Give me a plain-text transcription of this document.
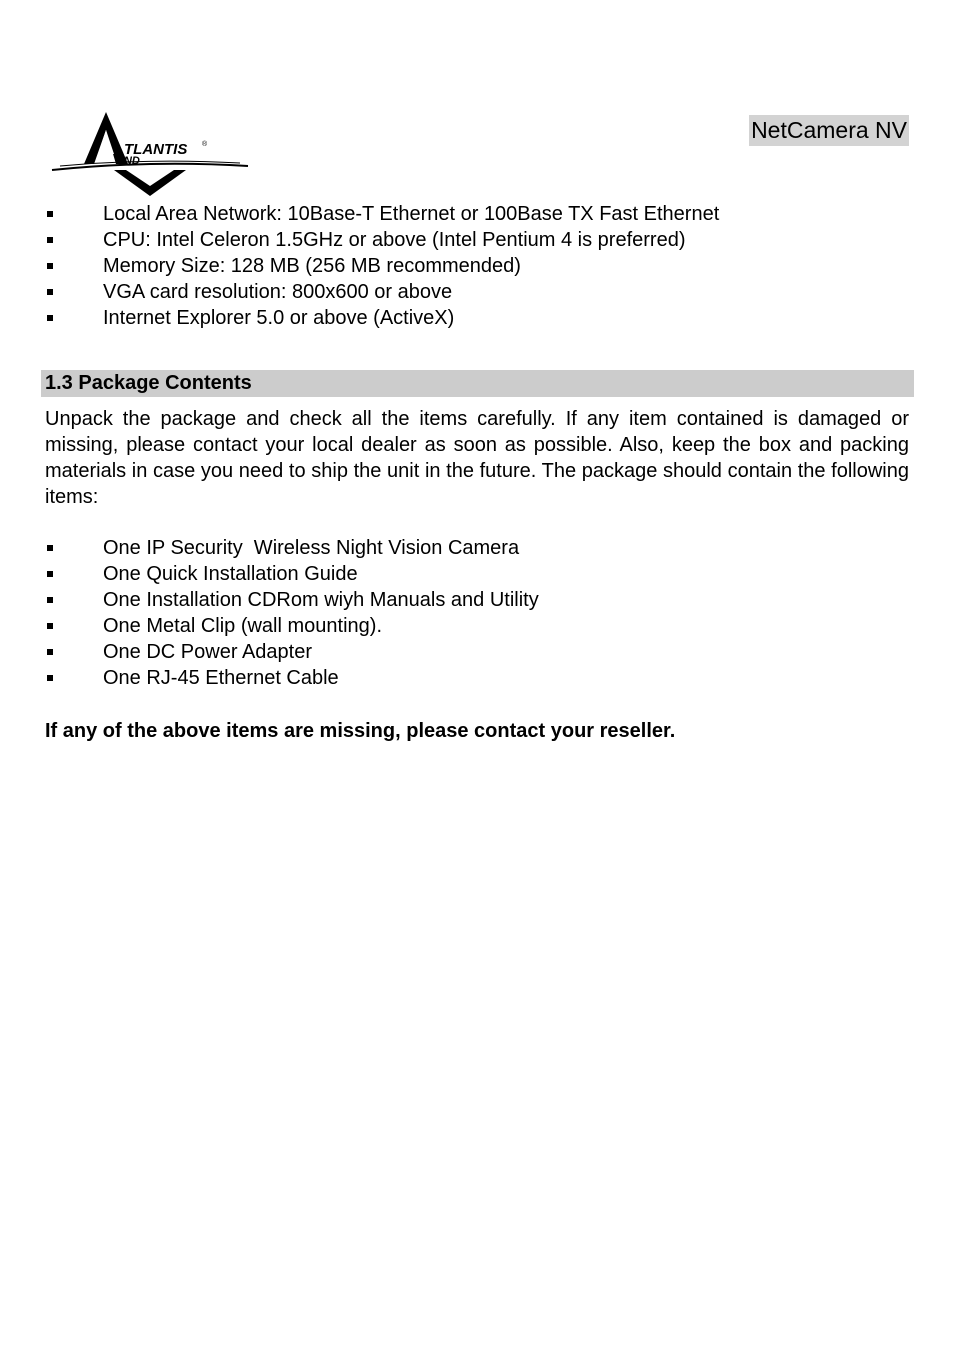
TLANTIS ®
AND
NetCamera NV
Local Area Network: 10Base-T Ethernet or 100Base TX Fast Ethernet
CPU: Intel Celeron 1.5GHz or above (Intel Pentium 4 is preferred)
Memory Size: 128 MB (256 MB recommended)
VGA card resolution: 800x600 or above
Internet Explorer 5.0 or above (ActiveX)
1.3 Package Contents

Unpack the package and check all the items carefully. If any item contained is damaged or missing, please contact your local dealer as soon as possible. Also, keep the box and packing materials in case you need to ship the unit in the future. The package should contain the following items:

One IP Security  Wireless Night Vision Camera
One Quick Installation Guide
One Installation CDRom wiyh Manuals and Utility
One Metal Clip (wall mounting).
One DC Power Adapter
One RJ-45 Ethernet Cable

If any of the above items are missing, please contact your reseller.
